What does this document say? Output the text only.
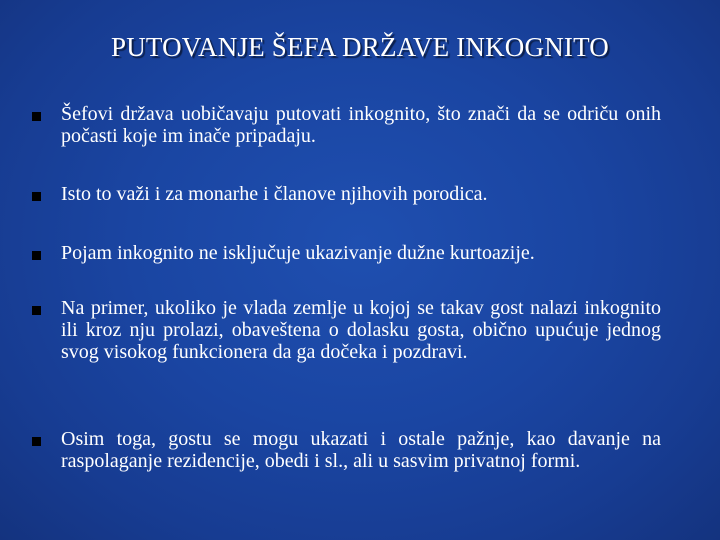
PUTOVANJE ŠEFA DRŽAVE INKOGNITO
Šefovi država uobičavaju putovati inkognito, što znači da se odriču onih počasti koje im inače pripadaju.
Isto to važi i za monarhe i članove njihovih porodica.
Pojam inkognito ne isključuje ukazivanje dužne kurtoazije.
Na primer, ukoliko je vlada zemlje u kojoj se takav gost nalazi inkognito ili kroz nju prolazi, obaveštena o dolasku gosta, obično upućuje jednog svog visokog funkcionera da ga dočeka i pozdravi.
Osim toga, gostu se mogu ukazati i ostale pažnje, kao davanje na raspolaganje rezidencije, obedi i sl., ali u sasvim privatnoj formi.
